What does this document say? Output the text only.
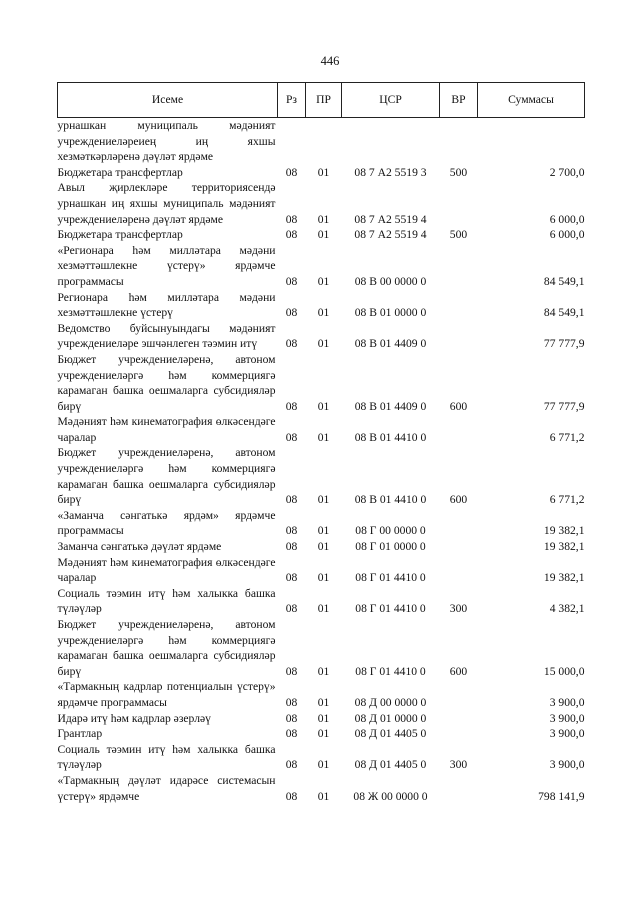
446
Исеме	Рз	ПР	ЦСР	ВР	Суммасы
урнашкан муниципаль мәдәният учреждениеләреиең иң яхшы хезмәткәрләренә дәүләт ярдәме					
Бюджетара трансфертлар	08	01	08 7 А2 5519 3	500	2 700,0
Авыл җирлекләре территориясендә урнашкан иң яхшы муниципаль мәдәният учреждениеләренә дәүләт ярдәме	08	01	08 7 А2 5519 4		6 000,0
Бюджетара трансфертлар	08	01	08 7 А2 5519 4	500	6 000,0
«Регионара һәм милләтара мәдәни хезмәттәшлекне үстерү» ярдәмче программасы	08	01	08 В 00 0000 0		84 549,1
Регионара һәм милләтара мәдәни хезмәттәшлекне үстерү	08	01	08 В 01 0000 0		84 549,1
Ведомство буйсынуындагы мәдәният учреждениеләре эшчәнлеген тәэмин итү	08	01	08 В 01 4409 0		77 777,9
Бюджет учреждениеләренә, автоном учреждениеләргә һәм коммерциягә карамаган башка оешмаларга субсидияләр бирү	08	01	08 В 01 4409 0	600	77 777,9
Мәдәният һәм кинематография өлкәсендәге чаралар	08	01	08 В 01 4410 0		6 771,2
Бюджет учреждениеләренә, автоном учреждениеләргә һәм коммерциягә карамаган башка оешмаларга субсидияләр бирү	08	01	08 В 01 4410 0	600	6 771,2
«Заманча сәнгатькә ярдәм» ярдәмче программасы	08	01	08 Г 00 0000 0		19 382,1
Заманча сәнгатькә дәүләт ярдәме	08	01	08 Г 01 0000 0		19 382,1
Мәдәният һәм кинематография өлкәсендәге чаралар	08	01	08 Г 01 4410 0		19 382,1
Социаль тәэмин итү һәм халыкка башка түләүләр	08	01	08 Г 01 4410 0	300	4 382,1
Бюджет учреждениеләренә, автоном учреждениеләргә һәм коммерциягә карамаган башка оешмаларга субсидияләр бирү	08	01	08 Г 01 4410 0	600	15 000,0
«Тармакның кадрлар потенциалын үстерү» ярдәмче программасы	08	01	08 Д 00 0000 0		3 900,0
Идарә итү һәм кадрлар әзерләү	08	01	08 Д 01 0000 0		3 900,0
Грантлар	08	01	08 Д 01 4405 0		3 900,0
Социаль тәэмин итү һәм халыкка башка түләүләр	08	01	08 Д 01 4405 0	300	3 900,0
«Тармакның дәүләт идарәсе системасын үстерү» ярдәмче	08	01	08 Ж 00 0000 0		798 141,9
